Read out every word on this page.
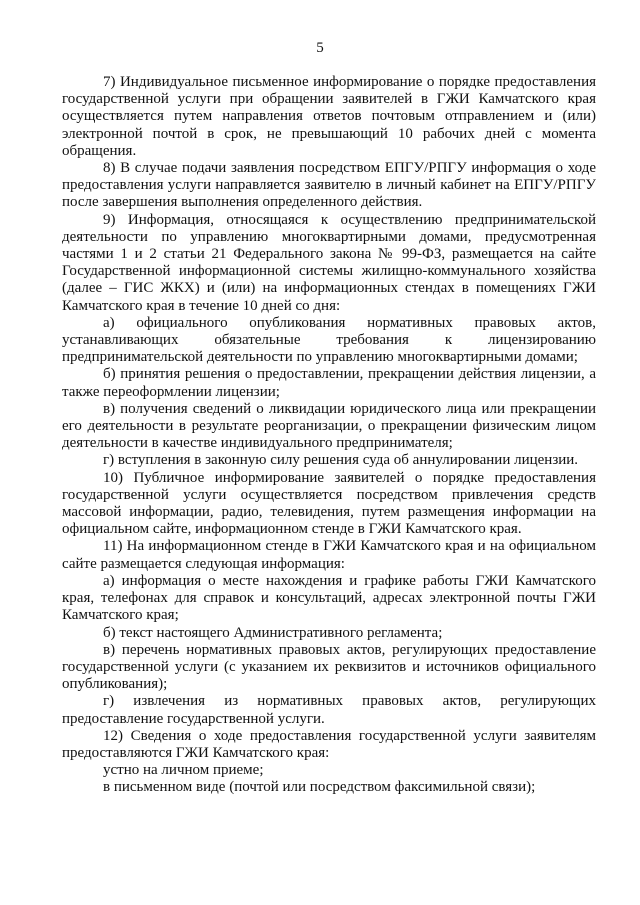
5

7) Индивидуальное письменное информирование о порядке предоставления государственной услуги при обращении заявителей в ГЖИ Камчатского края осуществляется путем направления ответов почтовым отправлением и (или) электронной почтой в срок, не превышающий 10 рабочих дней с момента обращения.

8) В случае подачи заявления посредством ЕПГУ/РПГУ информация о ходе предоставления услуги направляется заявителю в личный кабинет на ЕПГУ/РПГУ после завершения выполнения определенного действия.

9) Информация, относящаяся к осуществлению предпринимательской деятельности по управлению многоквартирными домами, предусмотренная частями 1 и 2 статьи 21 Федерального закона № 99-ФЗ, размещается на сайте Государственной информационной системы жилищно-коммунального хозяйства (далее – ГИС ЖКХ) и (или) на информационных стендах в помещениях ГЖИ Камчатского края в течение 10 дней со дня:

а) официального опубликования нормативных правовых актов, устанавливающих обязательные требования к лицензированию предпринимательской деятельности по управлению многоквартирными домами;

б) принятия решения о предоставлении, прекращении действия лицензии, а также переоформлении лицензии;

в) получения сведений о ликвидации юридического лица или прекращении его деятельности в результате реорганизации, о прекращении физическим лицом деятельности в качестве индивидуального предпринимателя;

г) вступления в законную силу решения суда об аннулировании лицензии.

10) Публичное информирование заявителей о порядке предоставления государственной услуги осуществляется посредством привлечения средств массовой информации, радио, телевидения, путем размещения информации на официальном сайте, информационном стенде в ГЖИ Камчатского края.

11) На информационном стенде в ГЖИ Камчатского края и на официальном сайте размещается следующая информация:

а) информация о месте нахождения и графике работы ГЖИ Камчатского края, телефонах для справок и консультаций, адресах электронной почты ГЖИ Камчатского края;

б) текст настоящего Административного регламента;

в) перечень нормативных правовых актов, регулирующих предоставление государственной услуги (с указанием их реквизитов и источников официального опубликования);

г) извлечения из нормативных правовых актов, регулирующих предоставление государственной услуги.

12) Сведения о ходе предоставления государственной услуги заявителям предоставляются ГЖИ Камчатского края:

устно на личном приеме;

в письменном виде (почтой или посредством факсимильной связи);
